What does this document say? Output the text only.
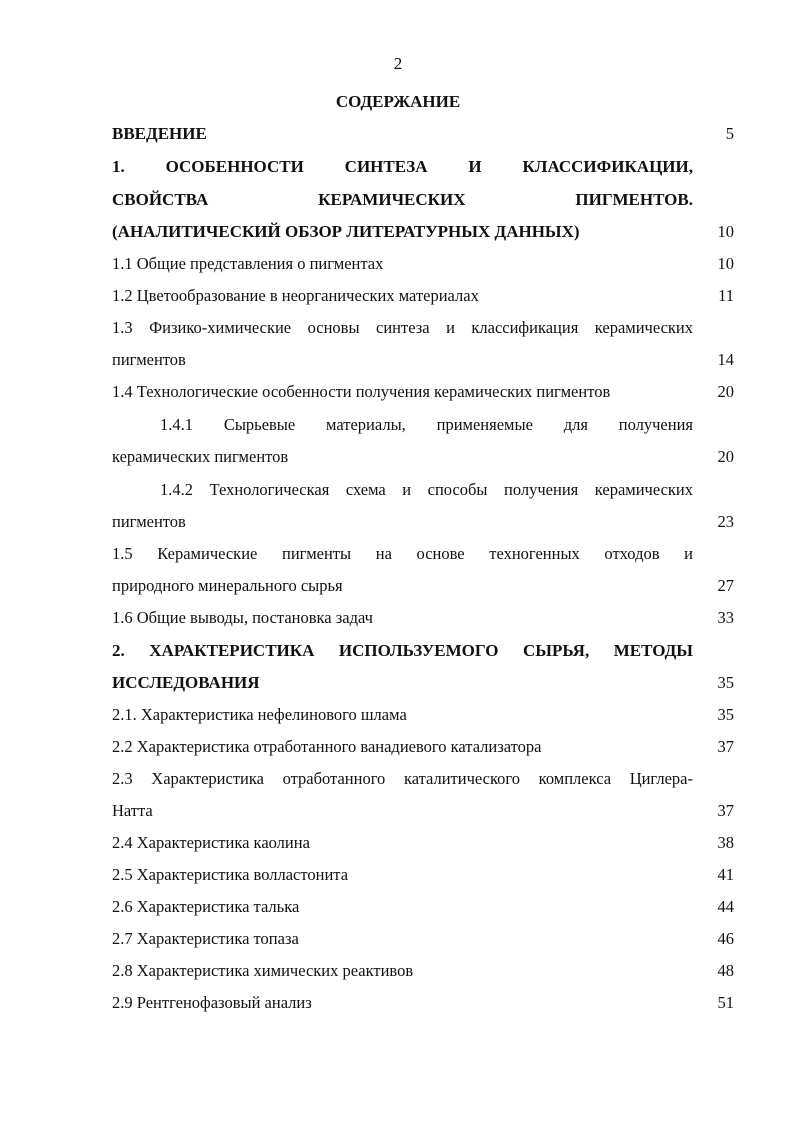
2
СОДЕРЖАНИЕ
ВВЕДЕНИЕ	5
1. ОСОБЕННОСТИ СИНТЕЗА И КЛАССИФИКАЦИИ,
СВОЙСТВА КЕРАМИЧЕСКИХ ПИГМЕНТОВ.
(АНАЛИТИЧЕСКИЙ ОБЗОР ЛИТЕРАТУРНЫХ ДАННЫХ)	10
1.1 Общие представления о пигментах	10
1.2 Цветообразование в неорганических материалах	11
1.3 Физико-химические основы синтеза и классификация керамических
пигментов	14
1.4 Технологические особенности получения керамических пигментов	20
1.4.1 Сырьевые материалы, применяемые для получения
керамических пигментов	20
1.4.2 Технологическая схема и способы получения керамических
пигментов	23
1.5 Керамические пигменты на основе техногенных отходов и
природного минерального сырья	27
1.6 Общие выводы, постановка задач	33
2. ХАРАКТЕРИСТИКА ИСПОЛЬЗУЕМОГО СЫРЬЯ, МЕТОДЫ
ИССЛЕДОВАНИЯ	35
2.1. Характеристика нефелинового шлама	35
2.2 Характеристика отработанного ванадиевого катализатора	37
2.3 Характеристика отработанного каталитического комплекса Циглера-
Натта	37
2.4 Характеристика каолина	38
2.5 Характеристика волластонита	41
2.6 Характеристика талька	44
2.7 Характеристика топаза	46
2.8 Характеристика химических реактивов	48
2.9 Рентгенофазовый анализ	51
